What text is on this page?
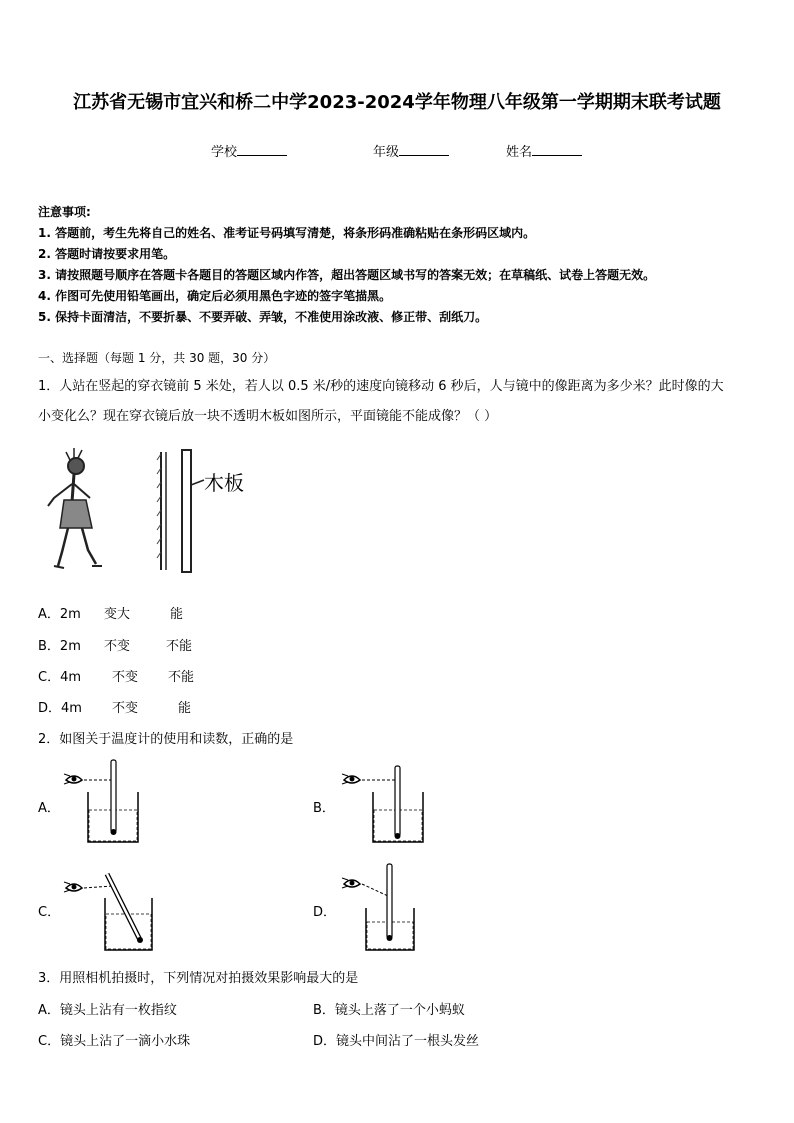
江苏省无锡市宜兴和桥二中学2023-2024学年物理八年级第一学期期末联考试题
学校	年级	姓名
注意事项:
1. 答题前，考生先将自己的姓名、准考证号码填写清楚，将条形码准确粘贴在条形码区域内。
2. 答题时请按要求用笔。
3. 请按照题号顺序在答题卡各题目的答题区域内作答，超出答题区域书写的答案无效；在草稿纸、试卷上答题无效。
4. 作图可先使用铅笔画出，确定后必须用黑色字迹的签字笔描黑。
5. 保持卡面清洁，不要折暴、不要弄破、弄皱，不准使用涂改液、修正带、刮纸刀。
一、选择题（每题 1 分，共 30 题，30 分）
1．人站在竖起的穿衣镜前 5 米处，若人以 0.5 米/秒的速度向镜移动 6 秒后，人与镜中的像距离为多少米？此时像的大
小变化么？现在穿衣镜后放一块不透明木板如图所示，平面镜能不能成像？（ ）
木板
A．2m 变大	能
B．2m 不变	不能
C．4m 不变 不能
D．4m 不变	能
2．如图关于温度计的使用和读数，正确的是
A．	B．
C．	D．
3．用照相机拍摄时，下列情况对拍摄效果影响最大的是
A．镜头上沾有一枚指纹	B．镜头上落了一个小蚂蚁
C．镜头上沾了一滴小水珠	D．镜头中间沾了一根头发丝
